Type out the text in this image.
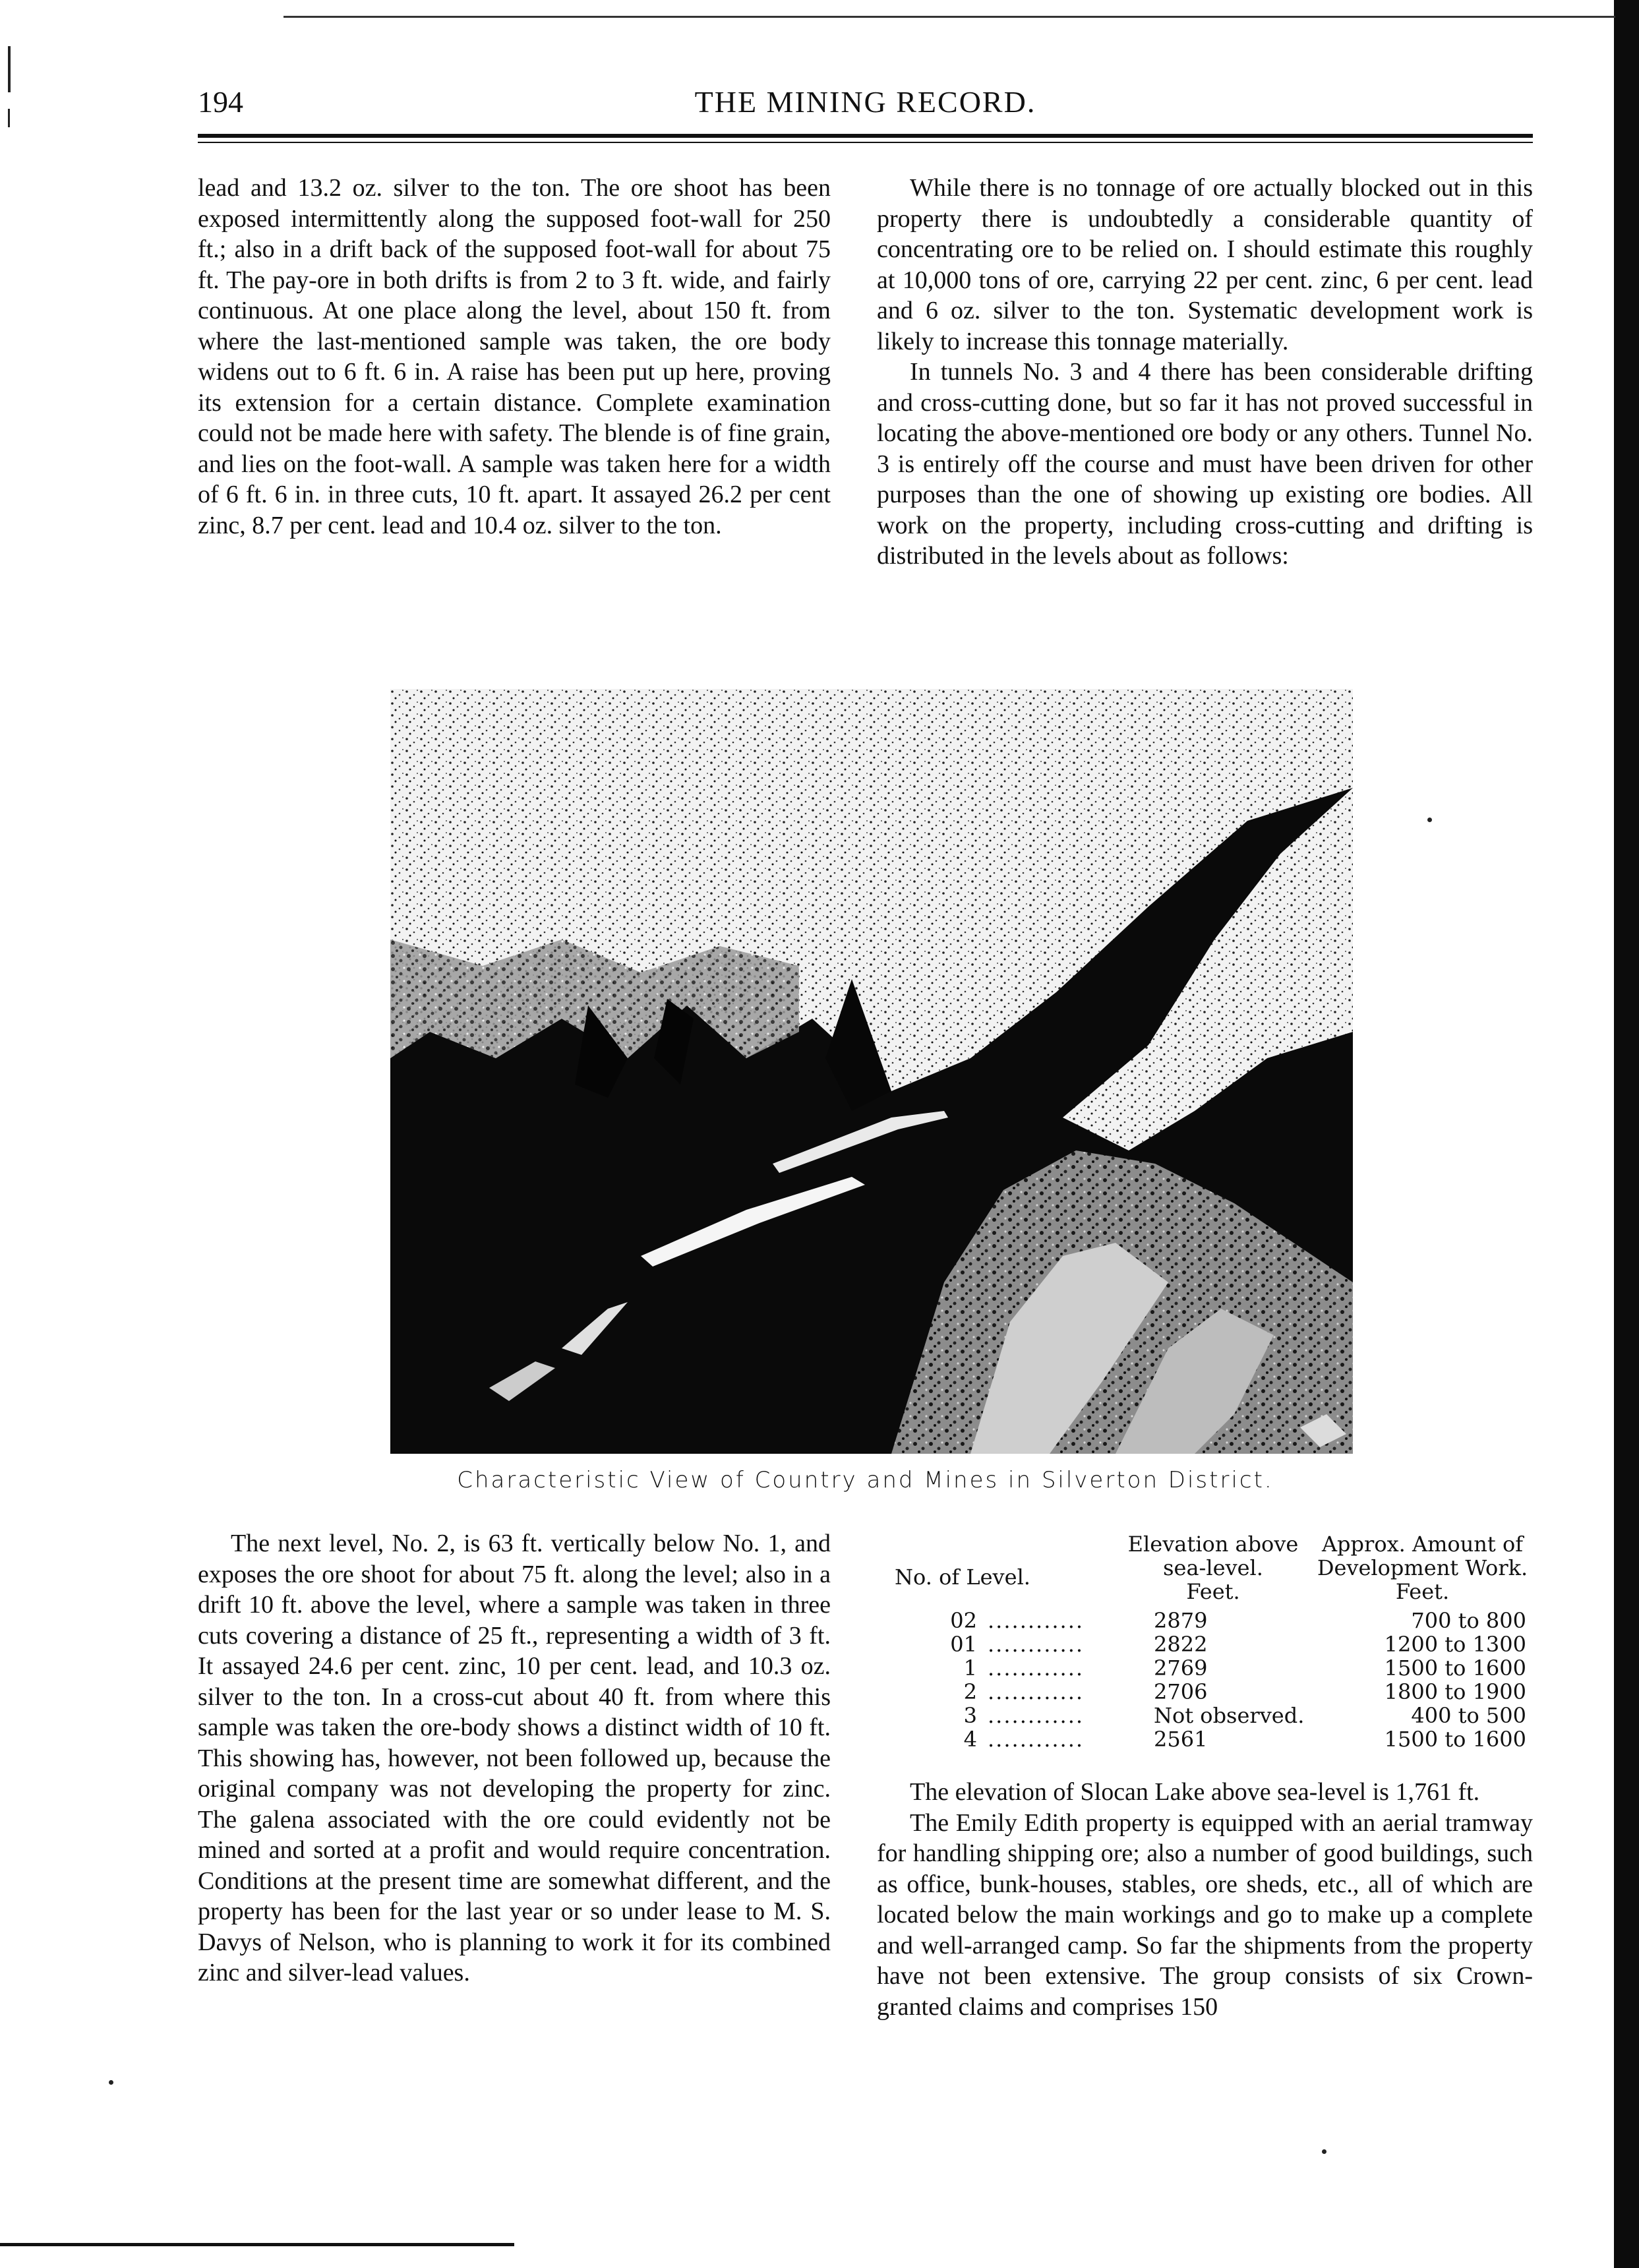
194	THE MINING RECORD.

lead and 13.2 oz. silver to the ton. The ore shoot has been exposed intermittently along the supposed foot-wall for 250 ft.; also in a drift back of the supposed foot-wall for about 75 ft. The pay-ore in both drifts is from 2 to 3 ft. wide, and fairly continuous. At one place along the level, about 150 ft. from where the last-mentioned sample was taken, the ore body widens out to 6 ft. 6 in. A raise has been put up here, proving its extension for a certain distance. Complete examination could not be made here with safety. The blende is of fine grain, and lies on the foot-wall. A sample was taken here for a width of 6 ft. 6 in. in three cuts, 10 ft. apart. It assayed 26.2 per cent zinc, 8.7 per cent. lead and 10.4 oz. silver to the ton.

While there is no tonnage of ore actually blocked out in this property there is undoubtedly a considerable quantity of concentrating ore to be relied on. I should estimate this roughly at 10,000 tons of ore, carrying 22 per cent. zinc, 6 per cent. lead and 6 oz. silver to the ton. Systematic development work is likely to increase this tonnage materially.

In tunnels No. 3 and 4 there has been considerable drifting and cross-cutting done, but so far it has not proved successful in locating the above-mentioned ore body or any others. Tunnel No. 3 is entirely off the course and must have been driven for other purposes than the one of showing up existing ore bodies. All work on the property, including cross-cutting and drifting is distributed in the levels about as follows:

Characteristic View of Country and Mines in Silverton District.

The next level, No. 2, is 63 ft. vertically below No. 1, and exposes the ore shoot for about 75 ft. along the level; also in a drift 10 ft. above the level, where a sample was taken in three cuts covering a distance of 25 ft., representing a width of 3 ft. It assayed 24.6 per cent. zinc, 10 per cent. lead, and 10.3 oz. silver to the ton. In a cross-cut about 40 ft. from where this sample was taken the ore-body shows a distinct width of 10 ft. This showing has, however, not been followed up, because the original company was not developing the property for zinc. The galena associated with the ore could evidently not be mined and sorted at a profit and would require concentration. Conditions at the present time are somewhat different, and the property has been for the last year or so under lease to M. S. Davys of Nelson, who is planning to work it for its combined zinc and silver-lead values.

No. of Level.
Elevation above
sea-level.
Feet.
Approx. Amount of
Development Work.
Feet.
02 ............	2879	700 to 800
01 ............	2822	1200 to 1300
1 ............	2769	1500 to 1600
2 ............	2706	1800 to 1900
3 ............	Not observed.	400 to 500
4 ............	2561	1500 to 1600

The elevation of Slocan Lake above sea-level is 1,761 ft.

The Emily Edith property is equipped with an aerial tramway for handling shipping ore; also a number of good buildings, such as office, bunk-houses, stables, ore sheds, etc., all of which are located below the main workings and go to make up a complete and well-arranged camp. So far the shipments from the property have not been extensive. The group consists of six Crown-granted claims and comprises 150
